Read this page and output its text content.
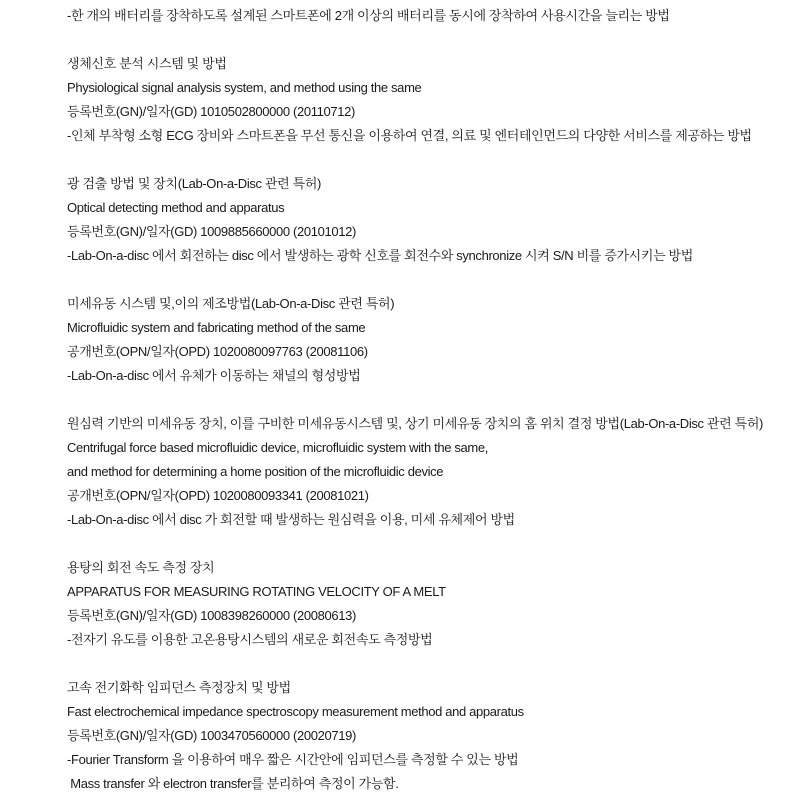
-한 개의 배터리를 장착하도록 설계된 스마트폰에 2개 이상의 배터리를 동시에 장착하여 사용시간을 늘리는 방법
생체신호 분석 시스템 및 방법
Physiological signal analysis system, and method using the same
등록번호(GN)/일자(GD) 1010502800000 (20110712)
-인체 부착형 소형 ECG 장비와 스마트폰을 무선 통신을 이용하여 연결, 의료 및 엔터테인먼드의 다양한 서비스를 제공하는 방법
광 검출 방법 및 장치(Lab-On-a-Disc 관련 특허)
Optical detecting method and apparatus
등록번호(GN)/일자(GD) 1009885660000 (20101012)
-Lab-On-a-disc 에서 회전하는 disc 에서 발생하는 광학 신호를 회전수와 synchronize 시켜 S/N 비를 증가시키는 방법
미세유동 시스템 및,이의 제조방법(Lab-On-a-Disc 관련 특허)
Microfluidic system and fabricating method of the same
공개번호(OPN/일자(OPD) 1020080097763 (20081106)
-Lab-On-a-disc 에서 유체가 이동하는 채널의 형성방법
원심력 기반의 미세유동 장치, 이를 구비한 미세유동시스템 및, 상기 미세유동 장치의 홈 위치 결정 방법(Lab-On-a-Disc 관련 특허)
Centrifugal force based microfluidic device, microfluidic system with the same,
and method for determining a home position of the microfluidic device
공개번호(OPN/일자(OPD) 1020080093341 (20081021)
-Lab-On-a-disc 에서 disc 가 회전할 때 발생하는 원심력을 이용, 미세 유체제어 방법
용탕의 회전 속도 측정 장치
APPARATUS FOR MEASURING ROTATING VELOCITY OF A MELT
등록번호(GN)/일자(GD) 1008398260000 (20080613)
-전자기 유도를 이용한 고온용탕시스템의 새로운 회전속도 측정방법
고속 전기화학 임피던스 측정장치 및 방법
Fast electrochemical impedance spectroscopy measurement method and apparatus
등록번호(GN)/일자(GD) 1003470560000 (20020719)
-Fourier Transform 을 이용하여 매우 짧은 시간안에 임피던스를 측정할 수 있는 방법
Mass transfer 와 electron transfer를 분리하여 측정이 가능함.
